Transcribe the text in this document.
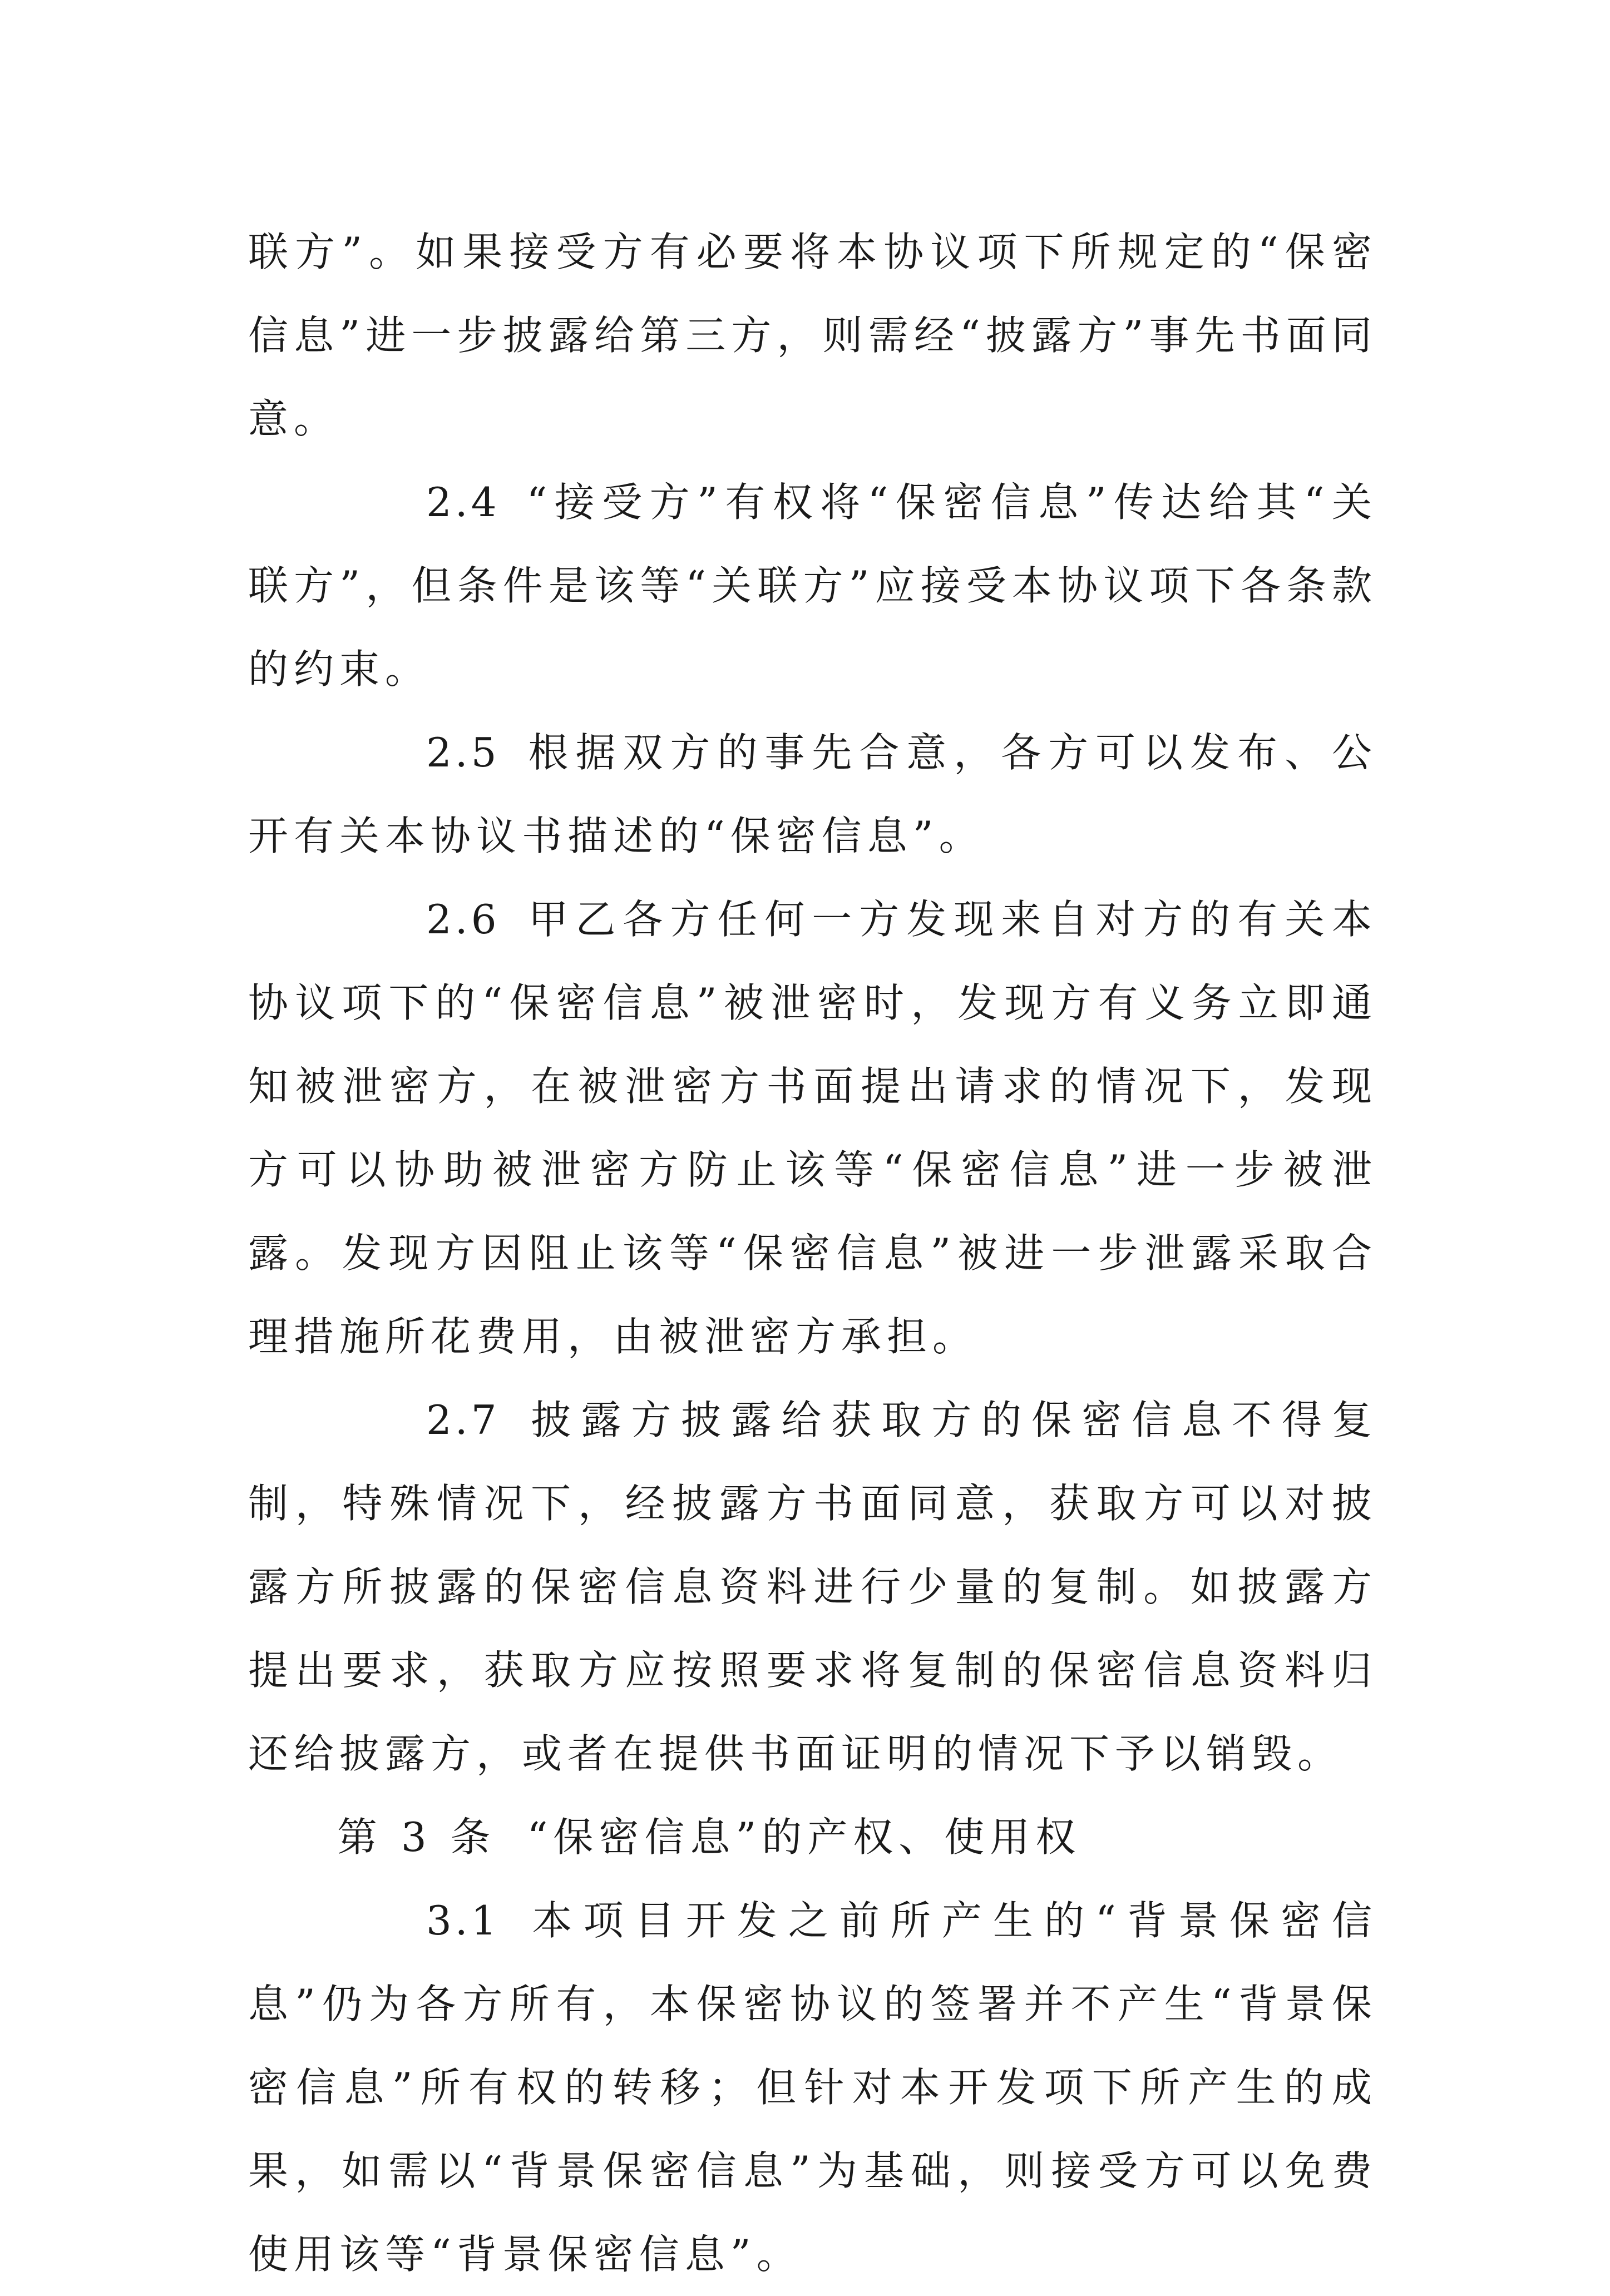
联方”。如果接受方有必要将本协议项下所规定的“保密信息”进一步披露给第三方，则需经“披露方”事先书面同意。

2.4 “接受方”有权将“保密信息”传达给其“关联方”，但条件是该等“关联方”应接受本协议项下各条款的约束。

2.5 根据双方的事先合意，各方可以发布、公开有关本协议书描述的“保密信息”。

2.6 甲乙各方任何一方发现来自对方的有关本协议项下的“保密信息”被泄密时，发现方有义务立即通知被泄密方，在被泄密方书面提出请求的情况下，发现方可以协助被泄密方防止该等“保密信息”进一步被泄露。发现方因阻止该等“保密信息”被进一步泄露采取合理措施所花费用，由被泄密方承担。

2.7 披露方披露给获取方的保密信息不得复制，特殊情况下，经披露方书面同意，获取方可以对披露方所披露的保密信息资料进行少量的复制。如披露方提出要求，获取方应按照要求将复制的保密信息资料归还给披露方，或者在提供书面证明的情况下予以销毁。

第 3 条 “保密信息”的产权、使用权

3.1 本项目开发之前所产生的“背景保密信息”仍为各方所有，本保密协议的签署并不产生“背景保密信息”所有权的转移；但针对本开发项下所产生的成果，如需以“背景保密信息”为基础，则接受方可以免费使用该等“背景保密信息”。
